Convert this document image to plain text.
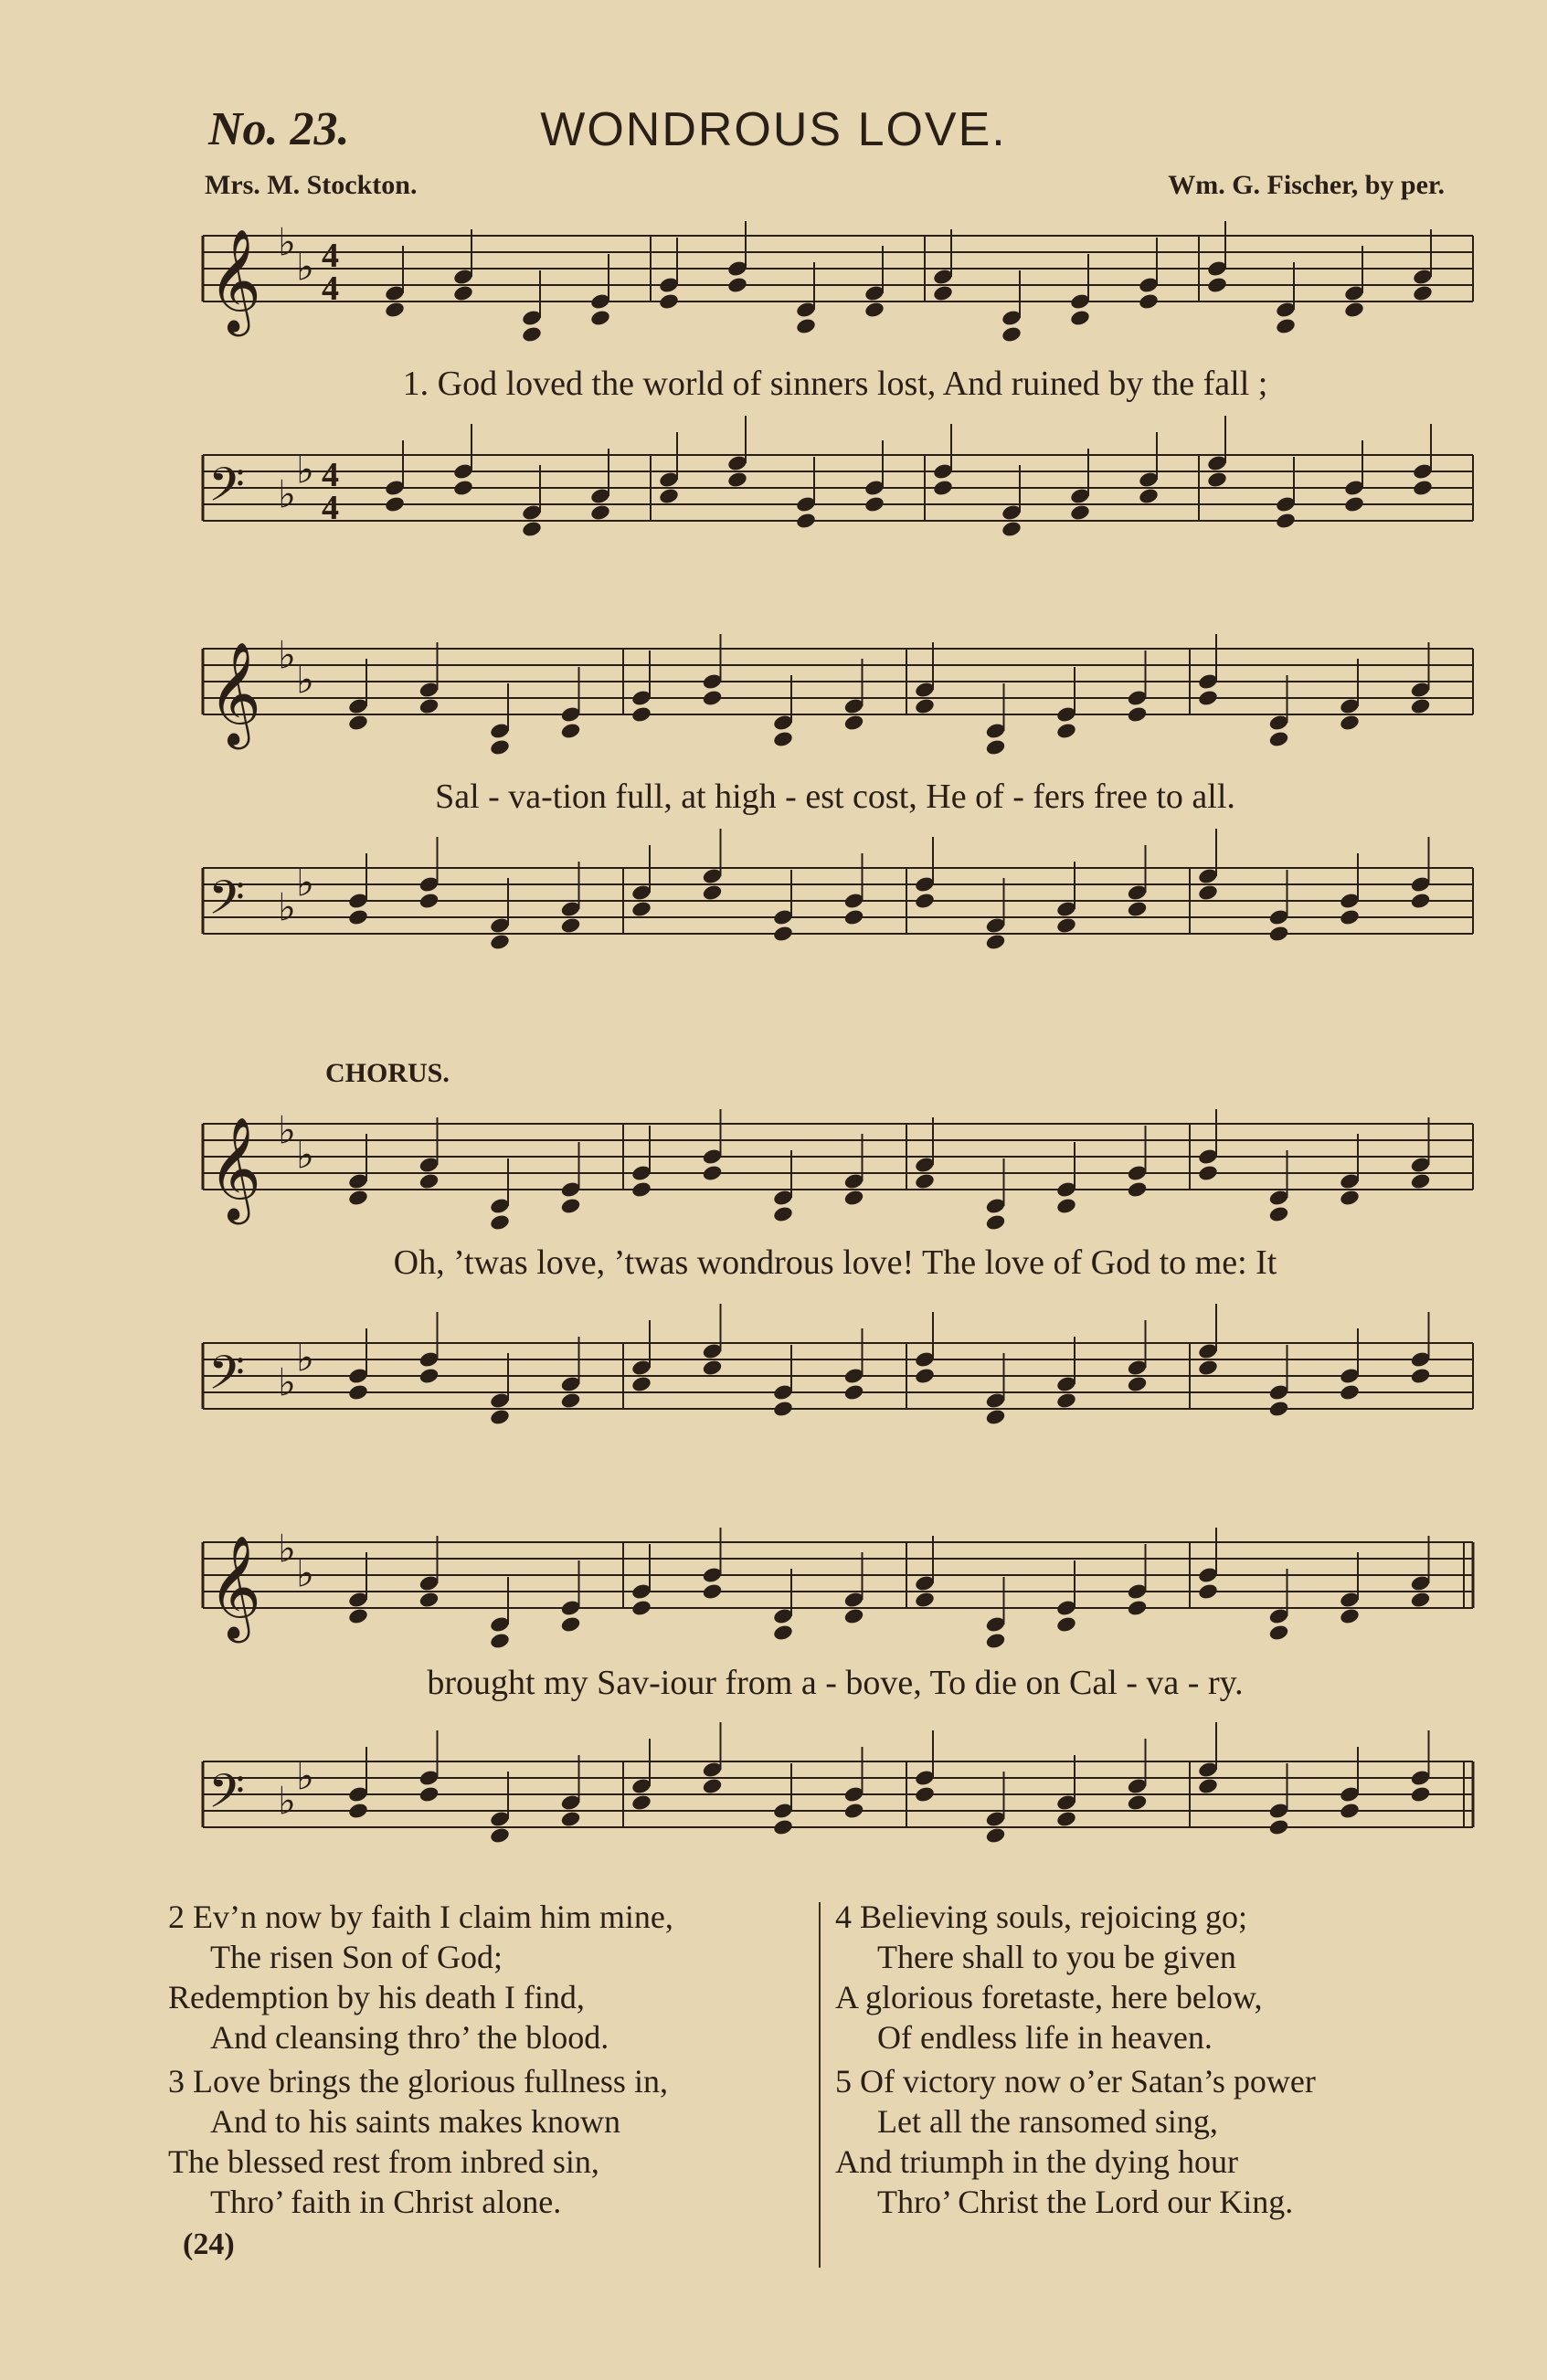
No. 23.	WONDROUS LOVE.
Mrs. M. Stockton.	Wm. G. Fischer, by per.
𝄞 ♭
♭ 4
4
𝄢 ♭
♭ 4
4
1. God loved the world of sinners lost, And ruined by the fall ;
𝄞 ♭
♭
𝄢 ♭
♭
Sal - va-tion full, at high - est cost, He of - fers free to all.
CHORUS.
𝄞 ♭
♭
𝄢 ♭
♭
Oh, ’twas love, ’twas wondrous love! The love of God to me: It
𝄞 ♭
♭
𝄢 ♭
♭
brought my Sav-iour from a - bove, To die on Cal - va - ry.
2 Ev’n now by faith I claim him mine,
The risen Son of God;
Redemption by his death I find,
And cleansing thro’ the blood.
3 Love brings the glorious fullness in,
And to his saints makes known
The blessed rest from inbred sin,
Thro’ faith in Christ alone.
4 Believing souls, rejoicing go;
There shall to you be given
A glorious foretaste, here below,
Of endless life in heaven.
5 Of victory now o’er Satan’s power
Let all the ransomed sing,
And triumph in the dying hour
Thro’ Christ the Lord our King.
(24)
